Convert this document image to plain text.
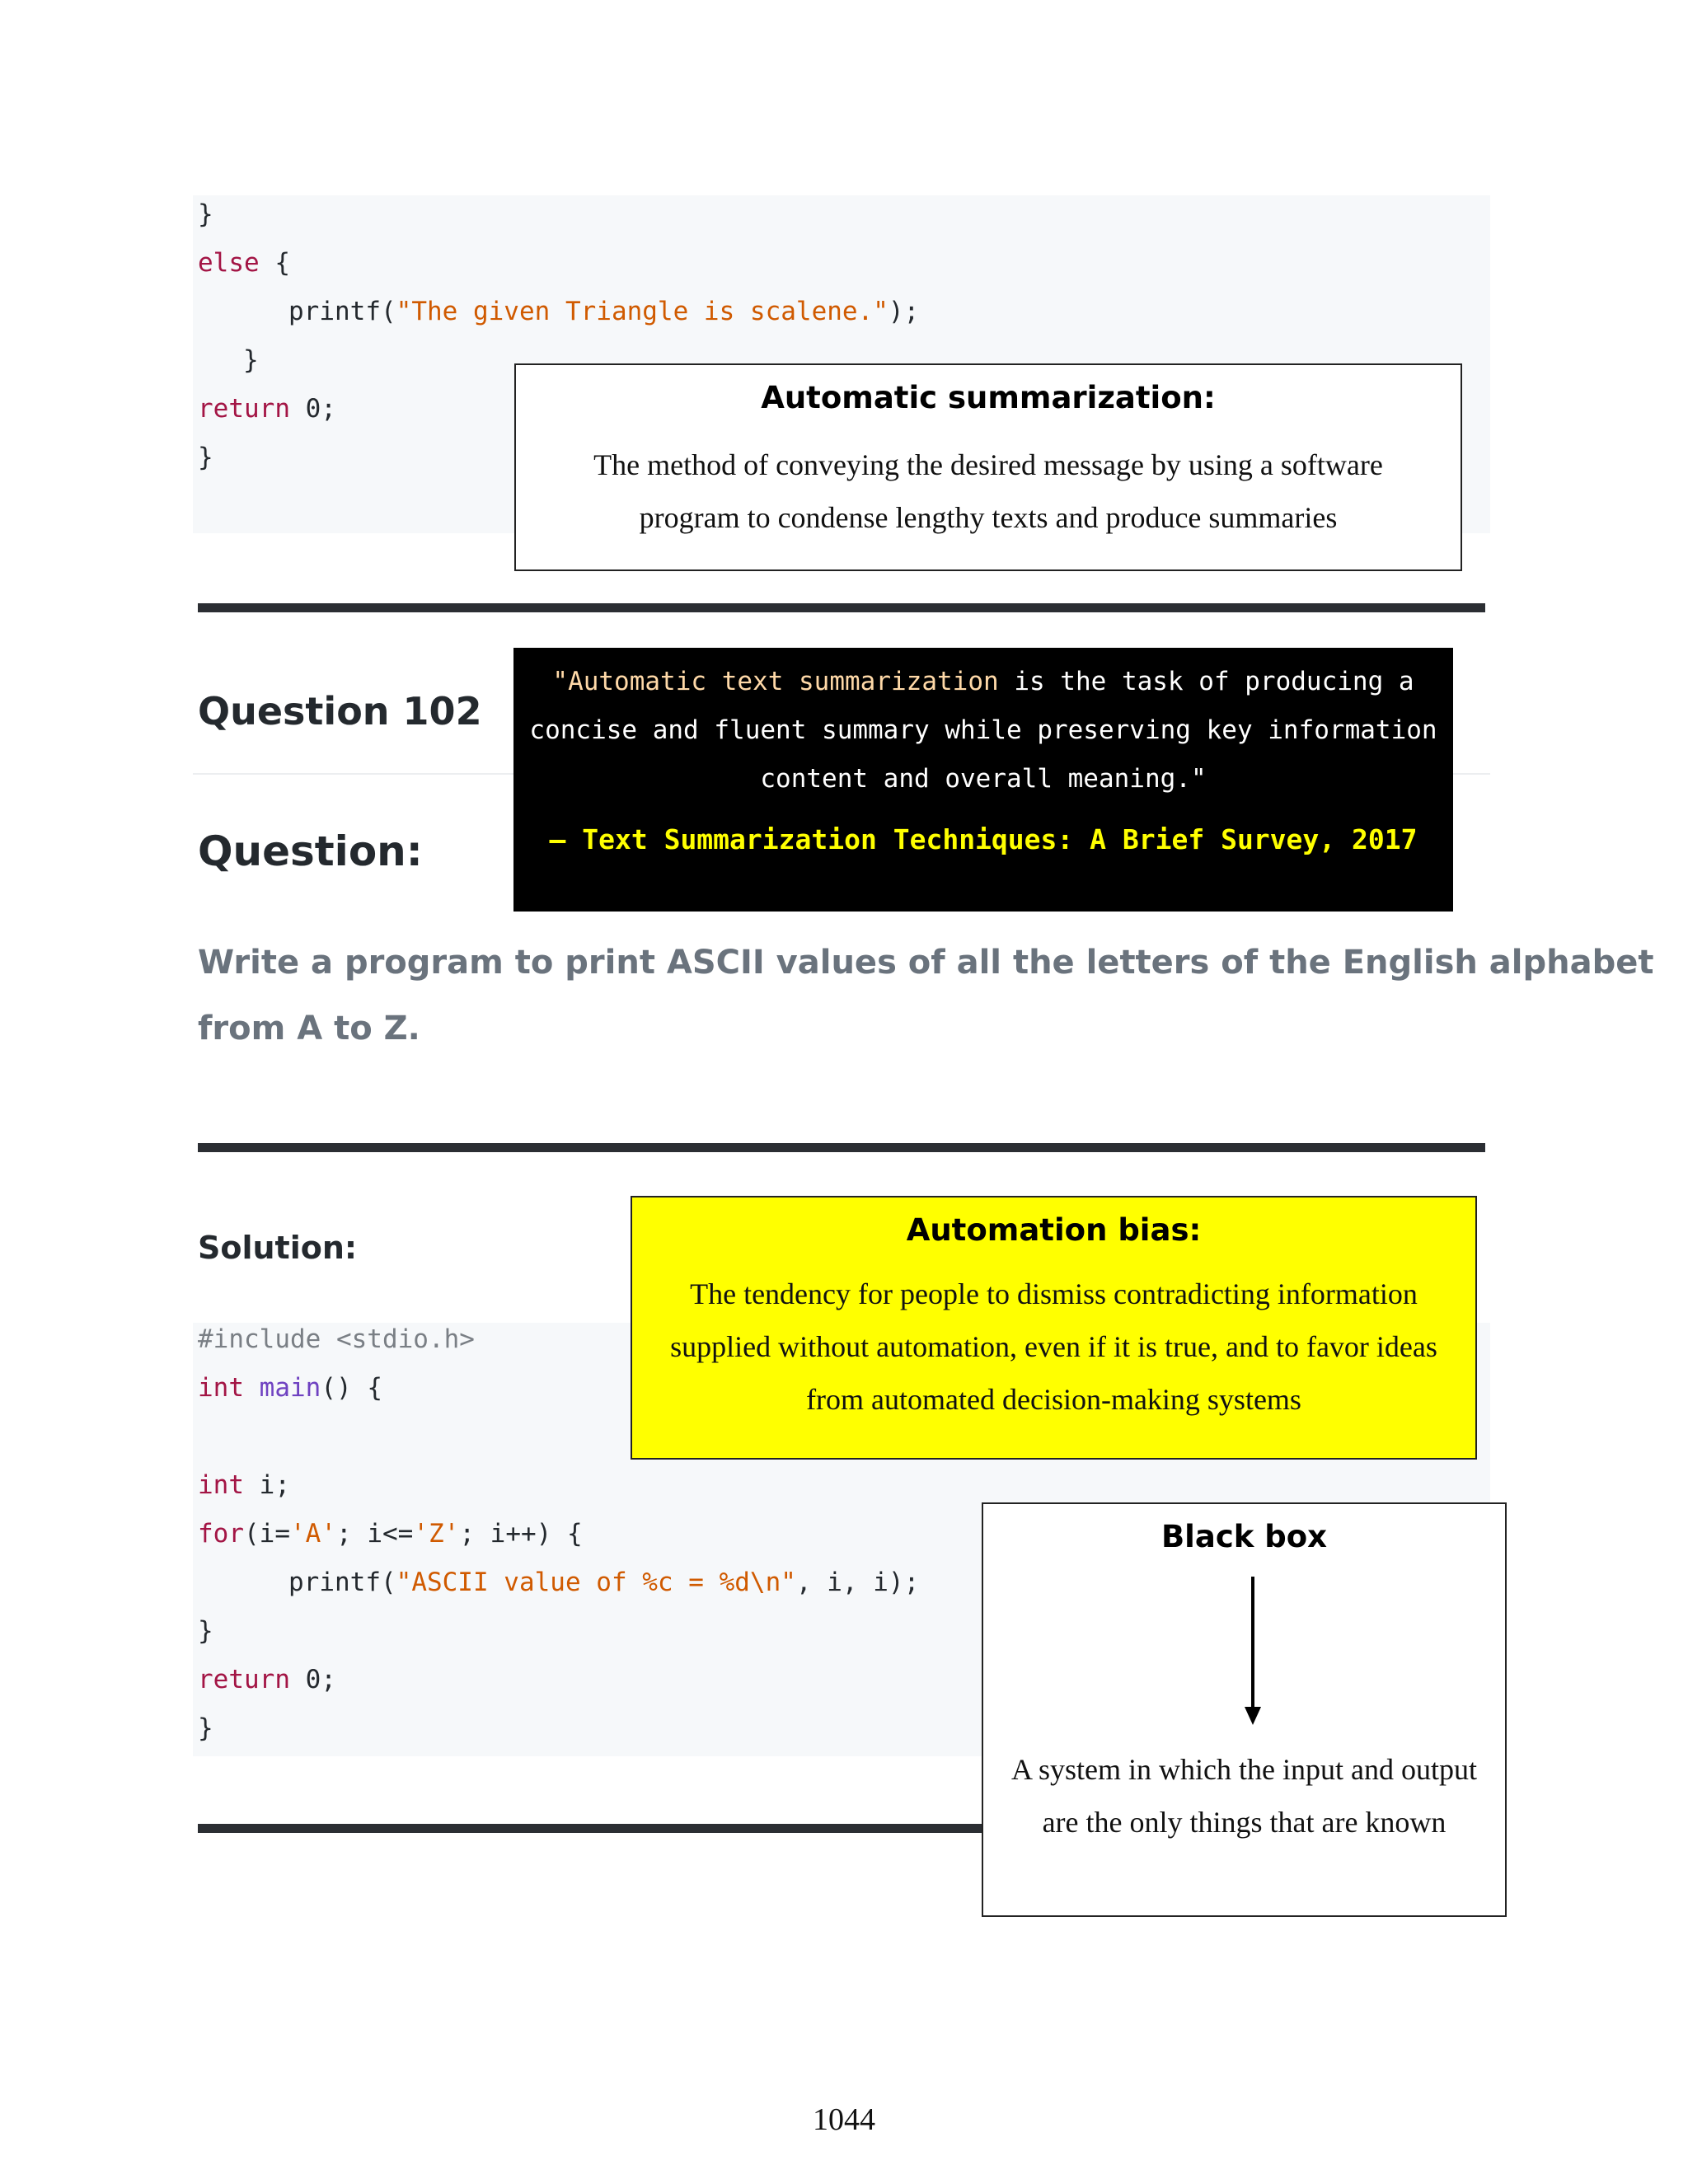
}
else {
printf("The given Triangle is scalene.");
}
return 0;
}
Automatic summarization:
The method of conveying the desired message by using a software
program to condense lengthy texts and produce summaries
Question 102
Question:
"Automatic text summarization is the task of producing a
concise and fluent summary while preserving key information
content and overall meaning."
– Text Summarization Techniques: A Brief Survey, 2017
Write a program to print ASCII values of all the letters of the English alphabet
from A to Z.
Solution:
#include <stdio.h>
int main() {
int i;
for(i='A'; i<='Z'; i++) {
printf("ASCII value of %c = %d\n", i, i);
}
return 0;
}
Automation bias:
The tendency for people to dismiss contradicting information
supplied without automation, even if it is true, and to favor ideas
from automated decision-making systems
Black box
A system in which the input and output
are the only things that are known
1044
